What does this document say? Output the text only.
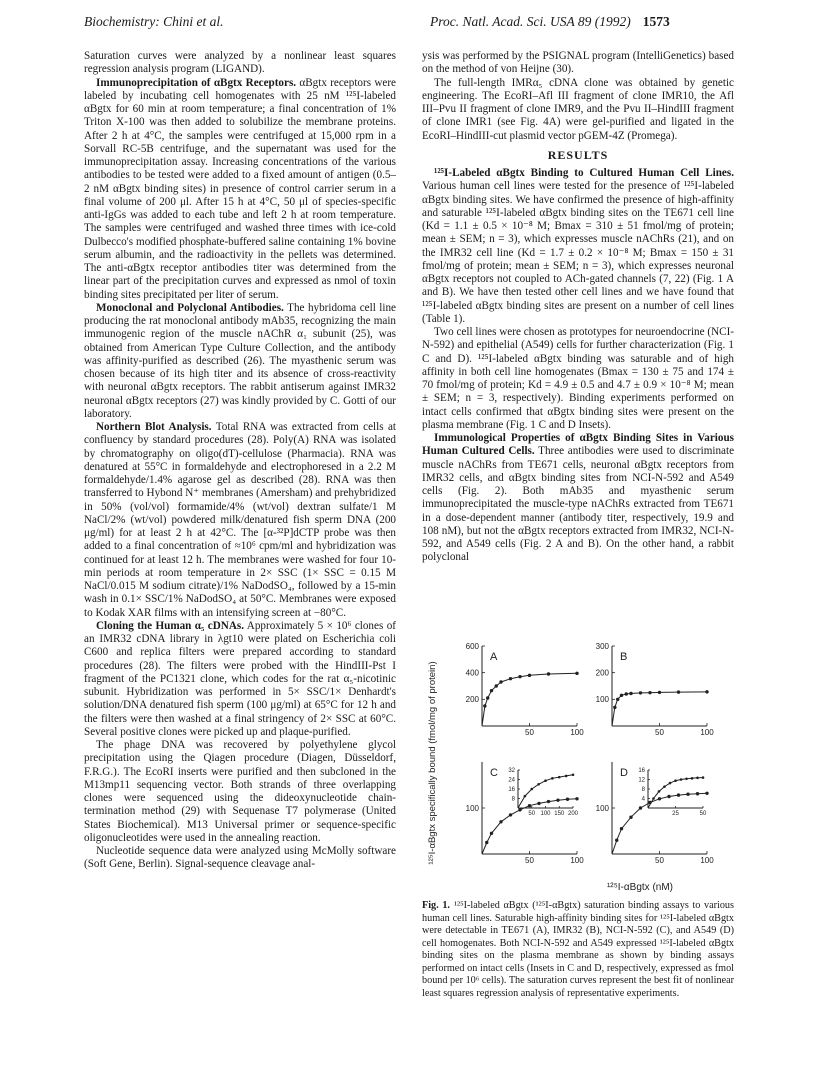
Biochemistry: Chini et al.	Proc. Natl. Acad. Sci. USA 89 (1992) 1573

Saturation curves were analyzed by a nonlinear least squares regression analysis program (LIGAND).

Immunoprecipitation of αBgtx Receptors. αBgtx receptors were labeled by incubating cell homogenates with 25 nM ¹²⁵I-labeled αBgtx for 60 min at room temperature; a final concentration of 1% Triton X-100 was then added to solubilize the membrane proteins. After 2 h at 4°C, the samples were centrifuged at 15,000 rpm in a Sorvall RC-5B centrifuge, and the supernatant was used for the immunoprecipitation assay. Increasing concentrations of the various antibodies to be tested were added to a fixed amount of antigen (0.5–2 nM αBgtx binding sites) in presence of control carrier serum in a final volume of 200 μl. After 15 h at 4°C, 50 μl of species-specific anti-IgGs was added to each tube and left 2 h at room temperature. The samples were centrifuged and washed three times with ice-cold Dulbecco's modified phosphate-buffered saline containing 1% bovine serum albumin, and the radioactivity in the pellets was determined. The anti-αBgtx receptor antibodies titer was determined from the linear part of the precipitation curves and expressed as nmol of toxin binding sites precipitated per liter of serum.

Monoclonal and Polyclonal Antibodies. The hybridoma cell line producing the rat monoclonal antibody mAb35, recognizing the main immunogenic region of the muscle nAChR α₁ subunit (25), was obtained from American Type Culture Collection, and the antibody was affinity-purified as described (26). The myasthenic serum was chosen because of its high titer and its absence of cross-reactivity with neuronal αBgtx receptors. The rabbit antiserum against IMR32 neuronal αBgtx receptors (27) was kindly provided by C. Gotti of our laboratory.

Northern Blot Analysis. Total RNA was extracted from cells at confluency by standard procedures (28). Poly(A) RNA was isolated by chromatography on oligo(dT)-cellulose (Pharmacia). RNA was denatured at 55°C in formaldehyde and electrophoresed in a 2.2 M formaldehyde/1.4% agarose gel as described (28). RNA was then transferred to Hybond N⁺ membranes (Amersham) and prehybridized in 50% (vol/vol) formamide/4% (wt/vol) dextran sulfate/1 M NaCl/2% (wt/vol) powdered milk/denatured fish sperm DNA (200 μg/ml) for at least 2 h at 42°C. The [α-³²P]dCTP probe was then added to a final concentration of ≈10⁶ cpm/ml and hybridization was continued for at least 12 h. The membranes were washed for four 10-min periods at room temperature in 2× SSC (1× SSC = 0.15 M NaCl/0.015 M sodium citrate)/1% NaDodSO₄, followed by a 15-min wash in 0.1× SSC/1% NaDodSO₄ at 50°C. Membranes were exposed to Kodak XAR films with an intensifying screen at −80°C.

Cloning the Human α₅ cDNAs. Approximately 5 × 10⁶ clones of an IMR32 cDNA library in λgt10 were plated on Escherichia coli C600 and replica filters were prepared according to standard procedures (28). The filters were probed with the HindIII-Pst I fragment of the PC1321 clone, which codes for the rat α₅-nicotinic subunit. Hybridization was performed in 5× SSC/1× Denhardt's solution/DNA denatured fish sperm (100 μg/ml) at 65°C for 12 h and the filters were then washed at a final stringency of 2× SSC at 60°C. Several positive clones were picked up and plaque-purified.

The phage DNA was recovered by polyethylene glycol precipitation using the Qiagen procedure (Diagen, Düsseldorf, F.R.G.). The EcoRI inserts were purified and then subcloned in the M13mp11 sequencing vector. Both strands of three overlapping clones were sequenced using the dideoxynucleotide chain-termination method (29) with Sequenase T7 polymerase (United States Biochemical). M13 Universal primer or sequence-specific oligonucleotides were used in the annealing reaction.

Nucleotide sequence data were analyzed using McMolly software (Soft Gene, Berlin). Signal-sequence cleavage anal-

ysis was performed by the PSIGNAL program (IntelliGenetics) based on the method of von Heijne (30).

The full-length IMRα₅ cDNA clone was obtained by genetic engineering. The EcoRI–Afl III fragment of clone IMR10, the Afl III–Pvu II fragment of clone IMR9, and the Pvu II–HindIII fragment of clone IMR1 (see Fig. 4A) were gel-purified and ligated in the EcoRI–HindIII-cut plasmid vector pGEM-4Z (Promega).

RESULTS

¹²⁵I-Labeled αBgtx Binding to Cultured Human Cell Lines. Various human cell lines were tested for the presence of ¹²⁵I-labeled αBgtx binding sites. We have confirmed the presence of high-affinity and saturable ¹²⁵I-labeled αBgtx binding sites on the TE671 cell line (Kd = 1.1 ± 0.5 × 10⁻⁸ M; Bmax = 310 ± 51 fmol/mg of protein; mean ± SEM; n = 3), which expresses muscle nAChRs (21), and on the IMR32 cell line (Kd = 1.7 ± 0.2 × 10⁻⁸ M; Bmax = 150 ± 31 fmol/mg of protein; mean ± SEM; n = 3), which expresses neuronal αBgtx receptors not coupled to ACh-gated channels (7, 22) (Fig. 1 A and B). We have then tested other cell lines and we have found that ¹²⁵I-labeled αBgtx binding sites are present on a number of cell lines (Table 1).

Two cell lines were chosen as prototypes for neuroendocrine (NCI-N-592) and epithelial (A549) cells for further characterization (Fig. 1 C and D). ¹²⁵I-labeled αBgtx binding was saturable and of high affinity in both cell line homogenates (Bmax = 130 ± 75 and 174 ± 70 fmol/mg of protein; Kd = 4.9 ± 0.5 and 4.7 ± 0.9 × 10⁻⁸ M; mean ± SEM; n = 3, respectively). Binding experiments performed on intact cells confirmed that αBgtx binding sites were present on the plasma membrane (Fig. 1 C and D Insets).

Immunological Properties of αBgtx Binding Sites in Various Human Cultured Cells. Three antibodies were used to discriminate muscle nAChRs from TE671 cells, neuronal αBgtx receptors from IMR32 cells, and αBgtx binding sites from NCI-N-592 and A549 cells (Fig. 2). Both mAb35 and myasthenic serum immunoprecipitated the muscle-type nAChRs extracted from TE671 in a dose-dependent manner (antibody titer, respectively, 19.9 and 108 nM), but not the αBgtx receptors extracted from IMR32, NCI-N-592, and A549 cells (Fig. 2 A and B). On the other hand, a rabbit polyclonal

¹²⁵I-αBgtx specifically bound (fmol/mg of protein)
¹²⁵I-αBgtx (nM)
50	100
200
400
600
A
50	100
100
200
300
B
50	100
100
C
50 100 150 200
8
16
24
32
50	100
100
D
25	50
4
8
12
16
Fig. 1. ¹²⁵I-labeled αBgtx (¹²⁵I-αBgtx) saturation binding assays to various human cell lines. Saturable high-affinity binding sites for ¹²⁵I-labeled αBgtx were detectable in TE671 (A), IMR32 (B), NCI-N-592 (C), and A549 (D) cell homogenates. Both NCI-N-592 and A549 expressed ¹²⁵I-labeled αBgtx binding sites on the plasma membrane as shown by binding assays performed on intact cells (Insets in C and D, respectively, expressed as fmol bound per 10⁶ cells). The saturation curves represent the best fit of nonlinear least squares regression analysis of representative experiments.
